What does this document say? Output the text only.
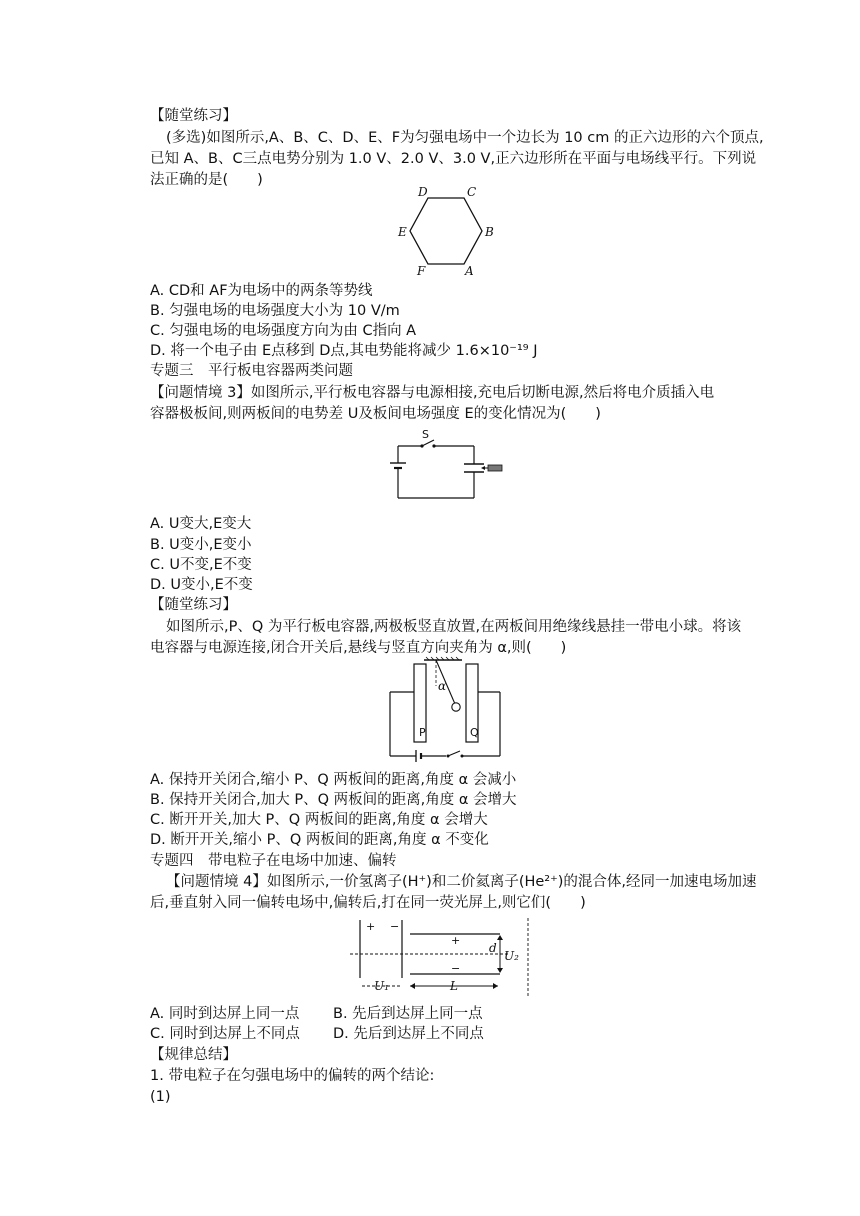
【随堂练习】
(多选)如图所示,A、B、C、D、E、F为匀强电场中一个边长为 10 cm 的正六边形的六个顶点,
已知 A、B、C三点电势分别为 1.0 V、2.0 V、3.0 V,正六边形所在平面与电场线平行。下列说
法正确的是(　　)
D	C
E	B
F	A
A. CD和 AF为电场中的两条等势线
B. 匀强电场的电场强度大小为 10 V/m
C. 匀强电场的电场强度方向为由 C指向 A
D. 将一个电子由 E点移到 D点,其电势能将减少 1.6×10⁻¹⁹ J
专题三　平行板电容器两类问题
【问题情境 3】如图所示,平行板电容器与电源相接,充电后切断电源,然后将电介质插入电
容器极板间,则两板间的电势差 U及板间电场强度 E的变化情况为(　　)
S
A. U变大,E变大
B. U变小,E变小
C. U不变,E不变
D. U变小,E不变
【随堂练习】
如图所示,P、Q 为平行板电容器,两极板竖直放置,在两板间用绝缘线悬挂一带电小球。将该
电容器与电源连接,闭合开关后,悬线与竖直方向夹角为 α,则(　　)
α
P	Q
A. 保持开关闭合,缩小 P、Q 两板间的距离,角度 α 会减小
B. 保持开关闭合,加大 P、Q 两板间的距离,角度 α 会增大
C. 断开开关,加大 P、Q 两板间的距离,角度 α 会增大
D. 断开开关,缩小 P、Q 两板间的距离,角度 α 不变化
专题四　带电粒子在电场中加速、偏转
【问题情境 4】如图所示,一价氢离子(H⁺)和二价氦离子(He²⁺)的混合体,经同一加速电场加速
后,垂直射入同一偏转电场中,偏转后,打在同一荧光屏上,则它们(　　)
+ −
+
−
d
U₂
U₁	L
A. 同时到达屏上同一点 B. 先后到达屏上同一点
C. 同时到达屏上不同点 D. 先后到达屏上不同点
【规律总结】
1. 带电粒子在匀强电场中的偏转的两个结论:
(1)
